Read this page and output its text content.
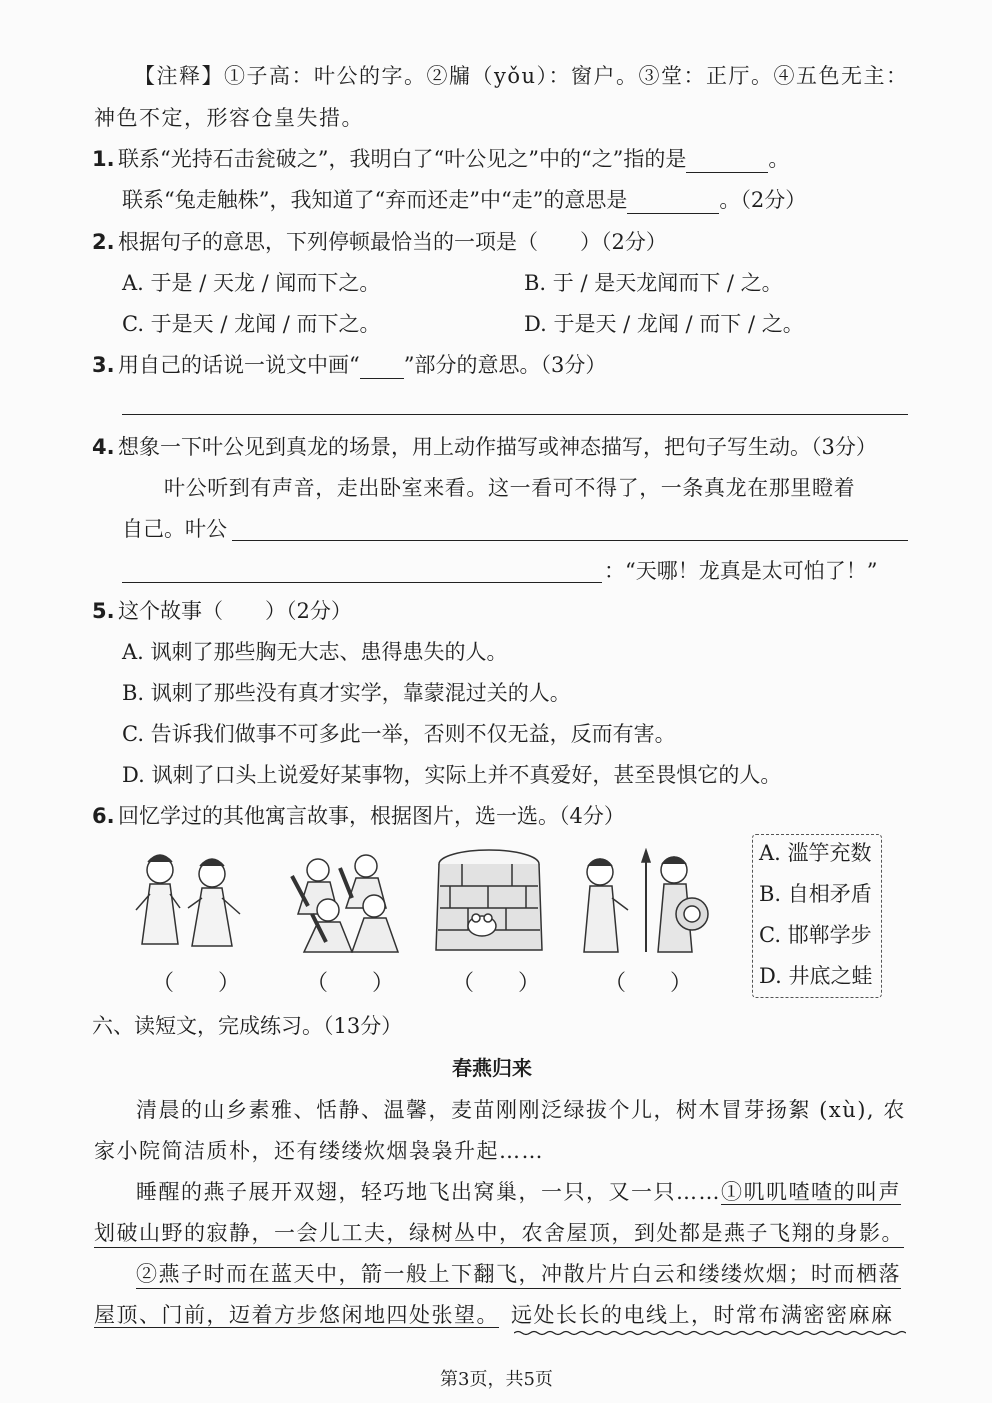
【注释】①子高：叶公的字。②牖（yǒu）：窗户。③堂：正厅。④五色无主：
神色不定，形容仓皇失措。
1. 联系“光持石击瓮破之”，我明白了“叶公见之”中的“之”指的是	。
联系“兔走触株”，我知道了“弃而还走”中“走”的意思是	。（2分）
2. 根据句子的意思，下列停顿最恰当的一项是（　　）（2分）
A. 于是 / 天龙 / 闻而下之。	B. 于 / 是天龙闻而下 / 之。
C. 于是天 / 龙闻 / 而下之。	D. 于是天 / 龙闻 / 而下 / 之。
3. 用自己的话说一说文中画“ ”部分的意思。（3分）
4. 想象一下叶公见到真龙的场景，用上动作描写或神态描写，把句子写生动。（3分）
叶公听到有声音，走出卧室来看。这一看可不得了，一条真龙在那里瞪着
自己。叶公
：“天哪！龙真是太可怕了！”
5. 这个故事（　　）（2分）
A. 讽刺了那些胸无大志、患得患失的人。
B. 讽刺了那些没有真才实学，靠蒙混过关的人。
C. 告诉我们做事不可多此一举，否则不仅无益，反而有害。
D. 讽刺了口头上说爱好某事物，实际上并不真爱好，甚至畏惧它的人。
6. 回忆学过的其他寓言故事，根据图片，选一选。（4分）
（　　）	（　　）	（　　）	（　　）
A. 滥竽充数
B. 自相矛盾
C. 邯郸学步
D. 井底之蛙
六、读短文，完成练习。（13分）
春燕归来
清晨的山乡素雅、恬静、温馨，麦苗刚刚泛绿拔个儿，树木冒芽扬絮 (xù), 农
家小院简洁质朴，还有缕缕炊烟袅袅升起……
睡醒的燕子展开双翅，轻巧地飞出窝巢，一只，又一只……①叽叽喳喳的叫声
划破山野的寂静，一会儿工夫，绿树丛中，农舍屋顶，到处都是燕子飞翔的身影。
②燕子时而在蓝天中，箭一般上下翻飞，冲散片片白云和缕缕炊烟；时而栖落
屋顶、门前，迈着方步悠闲地四处张望。 远处长长的电线上，时常布满密密麻麻
第3页，共5页
